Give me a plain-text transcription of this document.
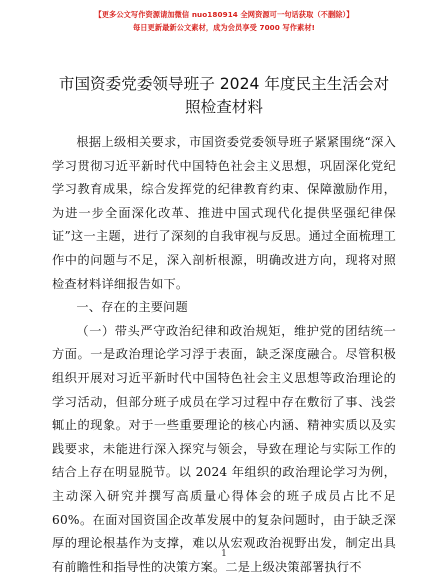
【更多公文写作资源请加微信 nuo180914 全网资源可一句话获取（不删除）】
每日更新最新公文素材，成为会员享受 7000 写作素材!
市国资委党委领导班子 2024 年度民主生活会对照检查材料

根据上级相关要求，市国资委党委领导班子紧紧围绕“深入学习贯彻习近平新时代中国特色社会主义思想，巩固深化党纪学习教育成果，综合发挥党的纪律教育约束、保障激励作用，为进一步全面深化改革、推进中国式现代化提供坚强纪律保证”这一主题，进行了深刻的自我审视与反思。通过全面梳理工作中的问题与不足，深入剖析根源，明确改进方向，现将对照检查材料详细报告如下。

一、存在的主要问题

（一）带头严守政治纪律和政治规矩，维护党的团结统一方面。一是政治理论学习浮于表面，缺乏深度融合。尽管积极组织开展对习近平新时代中国特色社会主义思想等政治理论的学习活动，但部分班子成员在学习过程中存在敷衍了事、浅尝辄止的现象。对于一些重要理论的核心内涵、精神实质以及实践要求，未能进行深入探究与领会，导致在理论与实际工作的结合上存在明显脱节。以 2024 年组织的政治理论学习为例，主动深入研究并撰写高质量心得体会的班子成员占比不足 60%。在面对国资国企改革发展中的复杂问题时，由于缺乏深厚的理论根基作为支撑，难以从宏观政治视野出发，制定出具有前瞻性和指导性的决策方案。二是上级决策部署执行不

1
